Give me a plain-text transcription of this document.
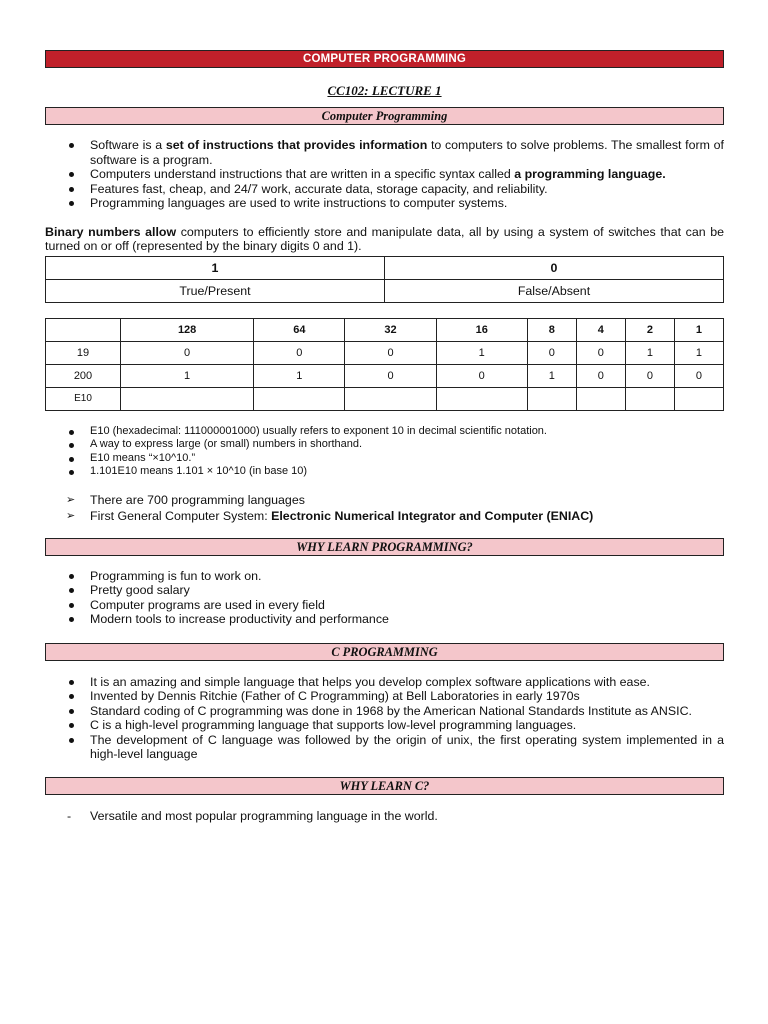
COMPUTER PROGRAMMING
CC102: LECTURE 1
Computer Programming
Software is a set of instructions that provides information to computers to solve problems. The smallest form of software is a program.
Computers understand instructions that are written in a specific syntax called a programming language.
Features fast, cheap, and 24/7 work, accurate data, storage capacity, and reliability.
Programming languages are used to write instructions to computer systems.

Binary numbers allow computers to efficiently store and manipulate data, all by using a system of switches that can be turned on or off (represented by the binary digits 0 and 1).

1	0
True/Present	False/Absent
	128	64	32	16	8	4	2	1
19	0	0	0	1	0	0	1	1
200	1	1	0	0	1	0	0	0
E10								
E10 (hexadecimal: 111000001000) usually refers to exponent 10 in decimal scientific notation.
A way to express large (or small) numbers in shorthand.
E10 means “×10^10.”
1.101E10 means 1.101 × 10^10 (in base 10)
➢ There are 700 programming languages
➢ First General Computer System: Electronic Numerical Integrator and Computer (ENIAC)
WHY LEARN PROGRAMMING?
Programming is fun to work on.
Pretty good salary
Computer programs are used in every field
Modern tools to increase productivity and performance
C PROGRAMMING
It is an amazing and simple language that helps you develop complex software applications with ease.
Invented by Dennis Ritchie (Father of C Programming) at Bell Laboratories in early 1970s
Standard coding of C programming was done in 1968 by the American National Standards Institute as ANSIC.
C is a high-level programming language that supports low-level programming languages.
The development of C language was followed by the origin of unix, the first operating system implemented in a high-level language
WHY LEARN C?
- Versatile and most popular programming language in the world.
